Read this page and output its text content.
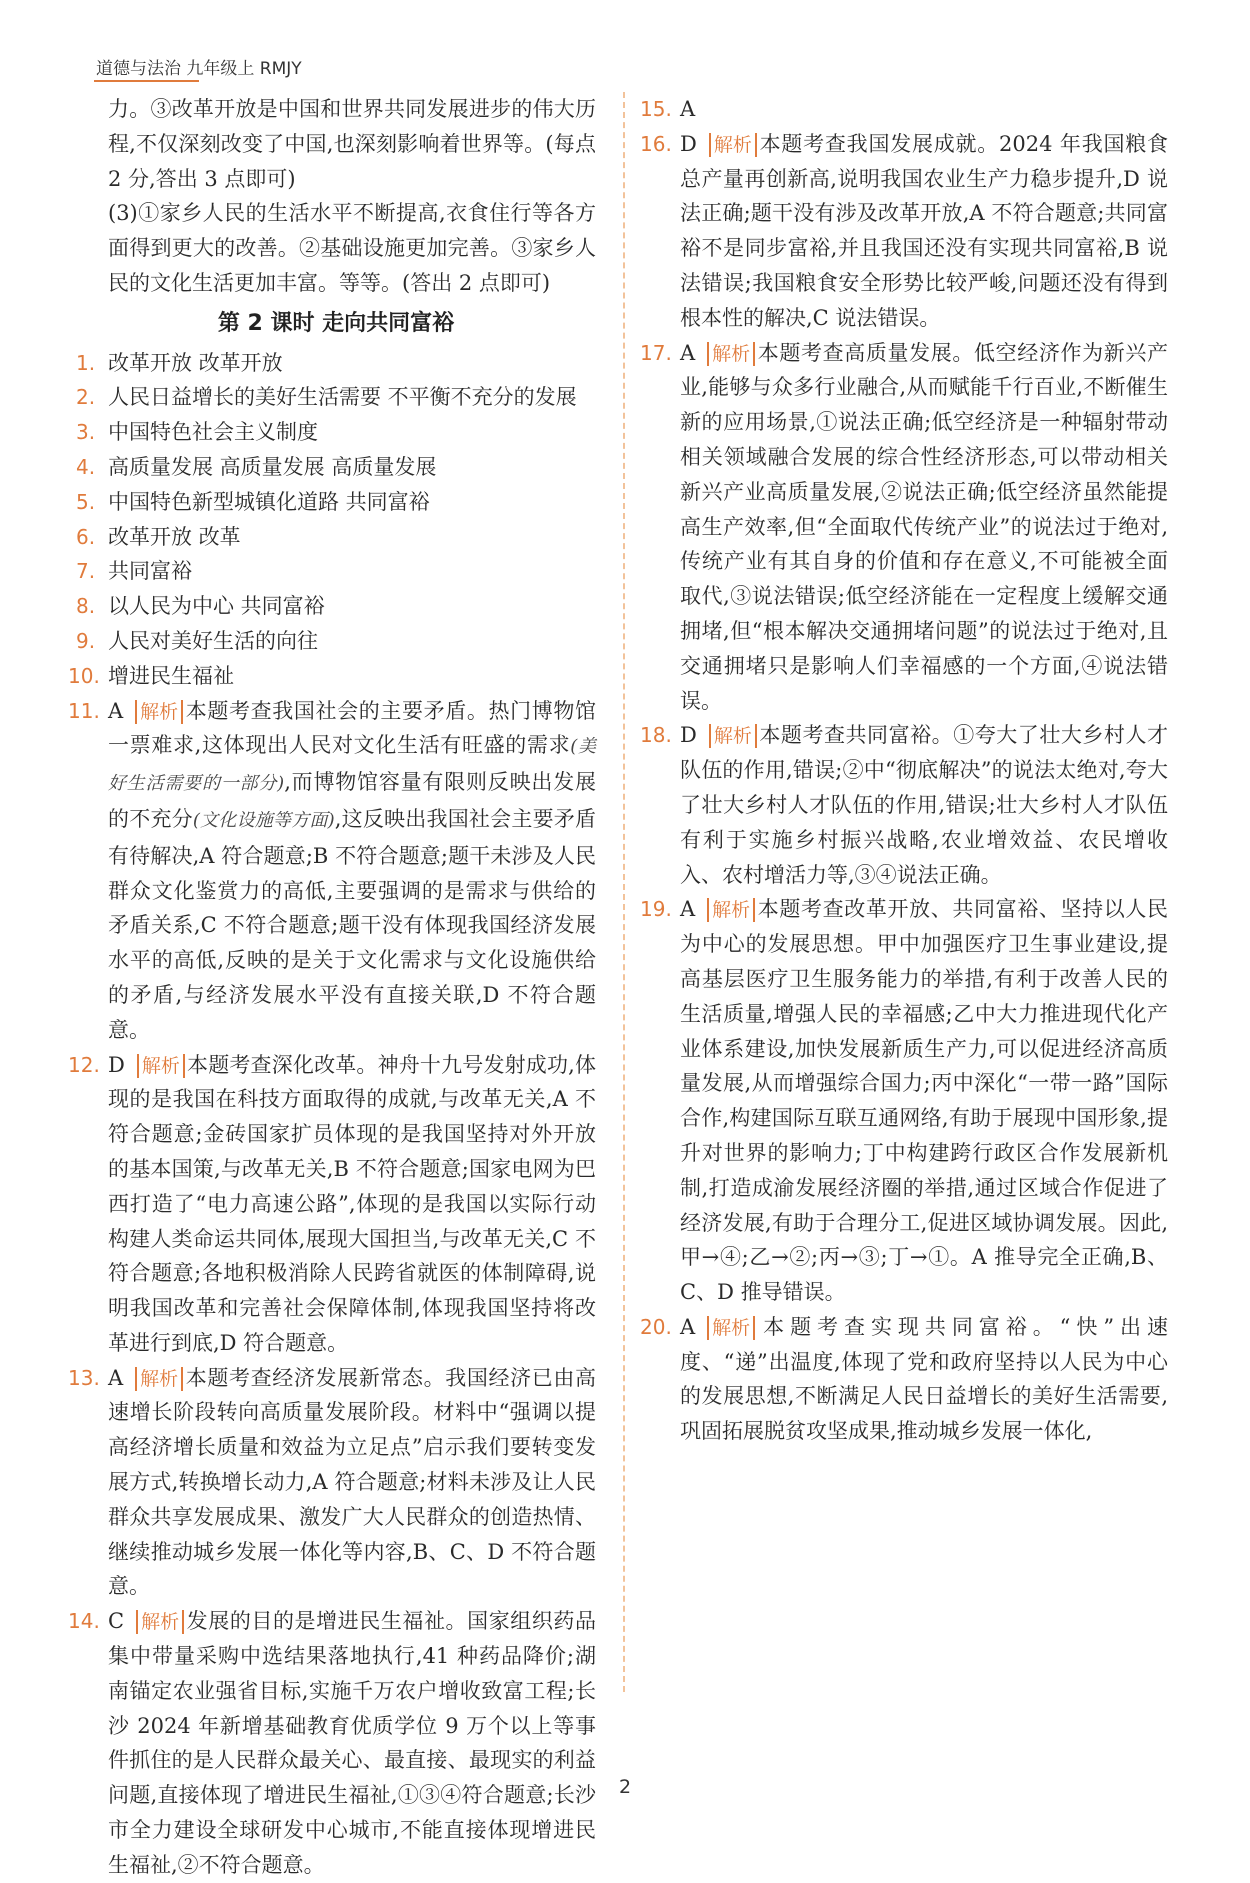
道德与法治 九年级上 RMJY
力。③改革开放是中国和世界共同发展进步的伟大历程,不仅深刻改变了中国,也深刻影响着世界等。(每点 2 分,答出 3 点即可)
(3)①家乡人民的生活水平不断提高,衣食住行等各方面得到更大的改善。②基础设施更加完善。③家乡人民的文化生活更加丰富。等等。(答出 2 点即可)
第 2 课时 走向共同富裕
1. 改革开放 改革开放
2. 人民日益增长的美好生活需要 不平衡不充分的发展
3. 中国特色社会主义制度
4. 高质量发展 高质量发展 高质量发展
5. 中国特色新型城镇化道路 共同富裕
6. 改革开放 改革
7. 共同富裕
8. 以人民为中心 共同富裕
9. 人民对美好生活的向往
10. 增进民生福祉
11. A 解析 本题考查我国社会的主要矛盾。热门博物馆一票难求,这体现出人民对文化生活有旺盛的需求(美好生活需要的一部分),而博物馆容量有限则反映出发展的不充分(文化设施等方面),这反映出我国社会主要矛盾有待解决,A 符合题意;B 不符合题意;题干未涉及人民群众文化鉴赏力的高低,主要强调的是需求与供给的矛盾关系,C 不符合题意;题干没有体现我国经济发展水平的高低,反映的是关于文化需求与文化设施供给的矛盾,与经济发展水平没有直接关联,D 不符合题意。
12. D 解析 本题考查深化改革。神舟十九号发射成功,体现的是我国在科技方面取得的成就,与改革无关,A 不符合题意;金砖国家扩员体现的是我国坚持对外开放的基本国策,与改革无关,B 不符合题意;国家电网为巴西打造了“电力高速公路”,体现的是我国以实际行动构建人类命运共同体,展现大国担当,与改革无关,C 不符合题意;各地积极消除人民跨省就医的体制障碍,说明我国改革和完善社会保障体制,体现我国坚持将改革进行到底,D 符合题意。
13. A 解析 本题考查经济发展新常态。我国经济已由高速增长阶段转向高质量发展阶段。材料中“强调以提高经济增长质量和效益为立足点”启示我们要转变发展方式,转换增长动力,A 符合题意;材料未涉及让人民群众共享发展成果、激发广大人民群众的创造热情、继续推动城乡发展一体化等内容,B、C、D 不符合题意。
14. C 解析 发展的目的是增进民生福祉。国家组织药品集中带量采购中选结果落地执行,41 种药品降价;湖南锚定农业强省目标,实施千万农户增收致富工程;长沙 2024 年新增基础教育优质学位 9 万个以上等事件抓住的是人民群众最关心、最直接、最现实的利益问题,直接体现了增进民生福祉,①③④符合题意;长沙市全力建设全球研发中心城市,不能直接体现增进民生福祉,②不符合题意。
15. A
16. D 解析 本题考查我国发展成就。2024 年我国粮食总产量再创新高,说明我国农业生产力稳步提升,D 说法正确;题干没有涉及改革开放,A 不符合题意;共同富裕不是同步富裕,并且我国还没有实现共同富裕,B 说法错误;我国粮食安全形势比较严峻,问题还没有得到根本性的解决,C 说法错误。
17. A 解析 本题考查高质量发展。低空经济作为新兴产业,能够与众多行业融合,从而赋能千行百业,不断催生新的应用场景,①说法正确;低空经济是一种辐射带动相关领域融合发展的综合性经济形态,可以带动相关新兴产业高质量发展,②说法正确;低空经济虽然能提高生产效率,但“全面取代传统产业”的说法过于绝对,传统产业有其自身的价值和存在意义,不可能被全面取代,③说法错误;低空经济能在一定程度上缓解交通拥堵,但“根本解决交通拥堵问题”的说法过于绝对,且交通拥堵只是影响人们幸福感的一个方面,④说法错误。
18. D 解析 本题考查共同富裕。①夸大了壮大乡村人才队伍的作用,错误;②中“彻底解决”的说法太绝对,夸大了壮大乡村人才队伍的作用,错误;壮大乡村人才队伍有利于实施乡村振兴战略,农业增效益、农民增收入、农村增活力等,③④说法正确。
19. A 解析 本题考查改革开放、共同富裕、坚持以人民为中心的发展思想。甲中加强医疗卫生事业建设,提高基层医疗卫生服务能力的举措,有利于改善人民的生活质量,增强人民的幸福感;乙中大力推进现代化产业体系建设,加快发展新质生产力,可以促进经济高质量发展,从而增强综合国力;丙中深化“一带一路”国际合作,构建国际互联互通网络,有助于展现中国形象,提升对世界的影响力;丁中构建跨行政区合作发展新机制,打造成渝发展经济圈的举措,通过区域合作促进了经济发展,有助于合理分工,促进区域协调发展。因此,甲→④;乙→②;丙→③;丁→①。A 推导完全正确,B、C、D 推导错误。
20. A 解析 本题考查实现共同富裕。“快”出速度、“递”出温度,体现了党和政府坚持以人民为中心的发展思想,不断满足人民日益增长的美好生活需要,巩固拓展脱贫攻坚成果,推动城乡发展一体化,
2
